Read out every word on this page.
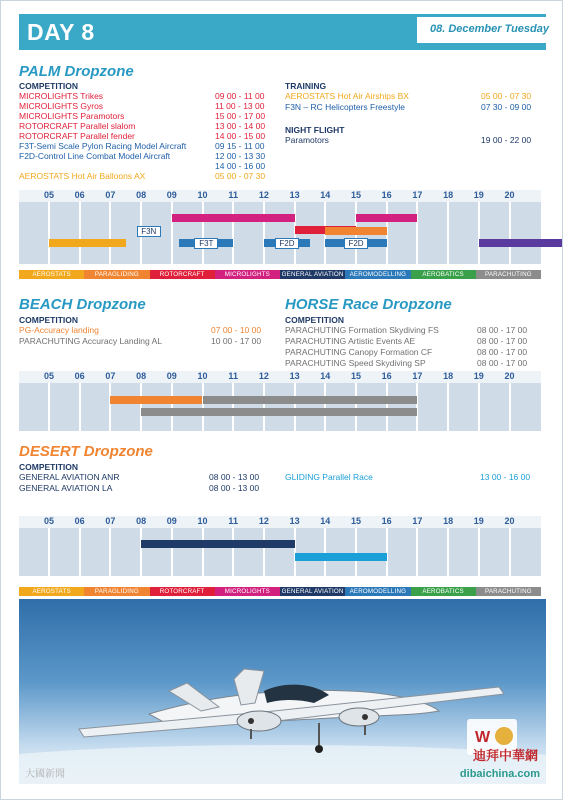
DAY 8	08. December Tuesday
PALM Dropzone
COMPETITION
MICROLIGHTS Trikes	09 00 - 11 00
MICROLIGHTS Gyros	11 00 - 13 00
MICROLIGHTS Paramotors	15 00 - 17 00
ROTORCRAFT Parallel slalom	13 00 - 14 00
ROTORCRAFT Parallel fender	14 00 - 15 00
F3T-Semi Scale Pylon Racing Model Aircraft	09 15 - 11 00
F2D-Control Line Combat Model Aircraft	12 00 - 13 30
14 00 - 16 00
AEROSTATS Hot Air Balloons AX	05 00 - 07 30
TRAINING
AEROSTATS Hot Air Airships BX	05 00 - 07 30
F3N – RC Helicopters Freestyle	07 30 - 09 00
NIGHT FLIGHT
Paramotors	19 00 - 22 00
05 06 07 08 09 10 11 12 13 14 15 16 17 18 19 20
F3N
F3T	F2D	F2D
AEROSTATS	PARAGLIDING	ROTORCRAFT	MICROLIGHTS	GENERAL AVIATION AEROMODELLING	AEROBATICS	PARACHUTING
BEACH Dropzone
COMPETITION
PG-Accuracy landing	07 00 - 10 00
PARACHUTING Accuracy Landing AL	10 00 - 17 00
HORSE Race Dropzone
COMPETITION
PARACHUTING Formation Skydiving FS	08 00 - 17 00
PARACHUTING Artistic Events AE	08 00 - 17 00
PARACHUTING Canopy Formation CF	08 00 - 17 00
PARACHUTING Speed Skydiving SP	08 00 - 17 00
05 06 07 08 09 10 11 12 13 14 15 16 17 18 19 20
DESERT Dropzone
COMPETITION
GENERAL AVIATION ANR	08 00 - 13 00
GENERAL AVIATION LA	08 00 - 13 00
GLIDING Parallel Race	13 00 - 16 00
05 06 07 08 09 10 11 12 13 14 15 16 17 18 19 20
AEROSTATS	PARAGLIDING	ROTORCRAFT	MICROLIGHTS	GENERAL AVIATION AEROMODELLING	AEROBATICS	PARACHUTING
W
迪拜中華網
dibaichina.com
大國新聞
